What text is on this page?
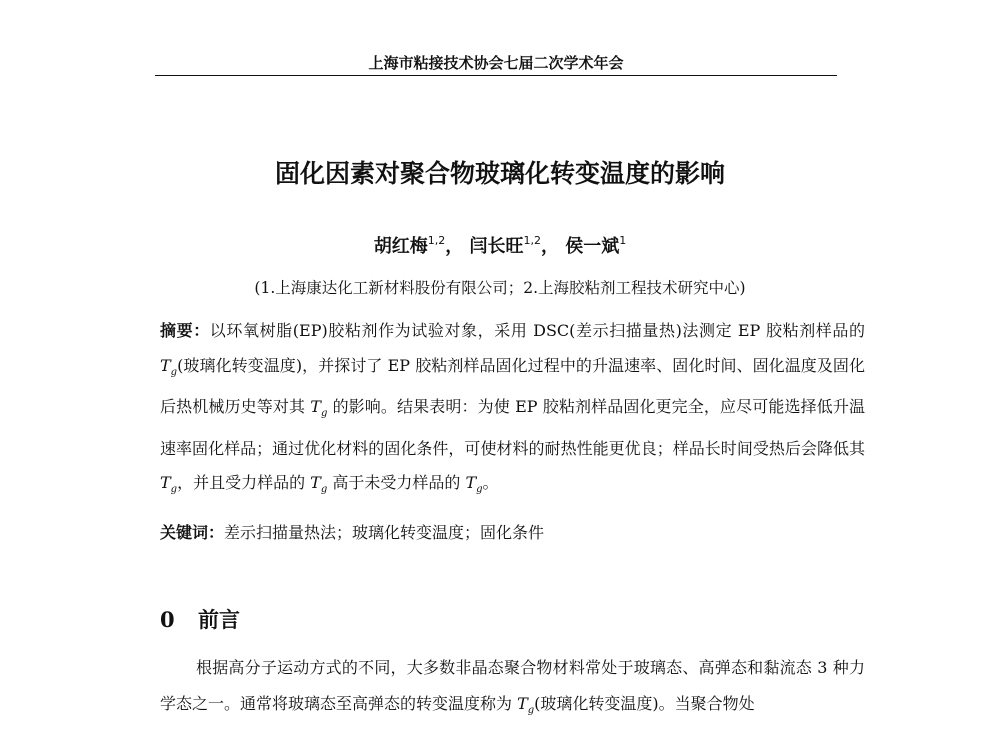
上海市粘接技术协会七届二次学术年会
固化因素对聚合物玻璃化转变温度的影响
胡红梅$^{1,2}$， 闫长旺$^{1,2}$， 侯一斌$^1$
(1.上海康达化工新材料股份有限公司；2.上海胶粘剂工程技术研究中心)
摘要：以环氧树脂(EP)胶粘剂作为试验对象，采用 DSC(差示扫描量热)法测定 EP 胶粘剂样品的 $T_g$(玻璃化转变温度)，并探讨了 EP 胶粘剂样品固化过程中的升温速率、固化时间、固化温度及固化后热机械历史等对其 $T_g$ 的影响。结果表明：为使 EP 胶粘剂样品固化更完全，应尽可能选择低升温速率固化样品；通过优化材料的固化条件，可使材料的耐热性能更优良；样品长时间受热后会降低其 $T_g$，并且受力样品的 $T_g$ 高于未受力样品的 $T_g$。
关键词：差示扫描量热法；玻璃化转变温度；固化条件
0 前言
根据高分子运动方式的不同，大多数非晶态聚合物材料常处于玻璃态、高弹态和黏流态 3 种力学态之一。通常将玻璃态至高弹态的转变温度称为 $T_g$(玻璃化转变温度)。当聚合物处
